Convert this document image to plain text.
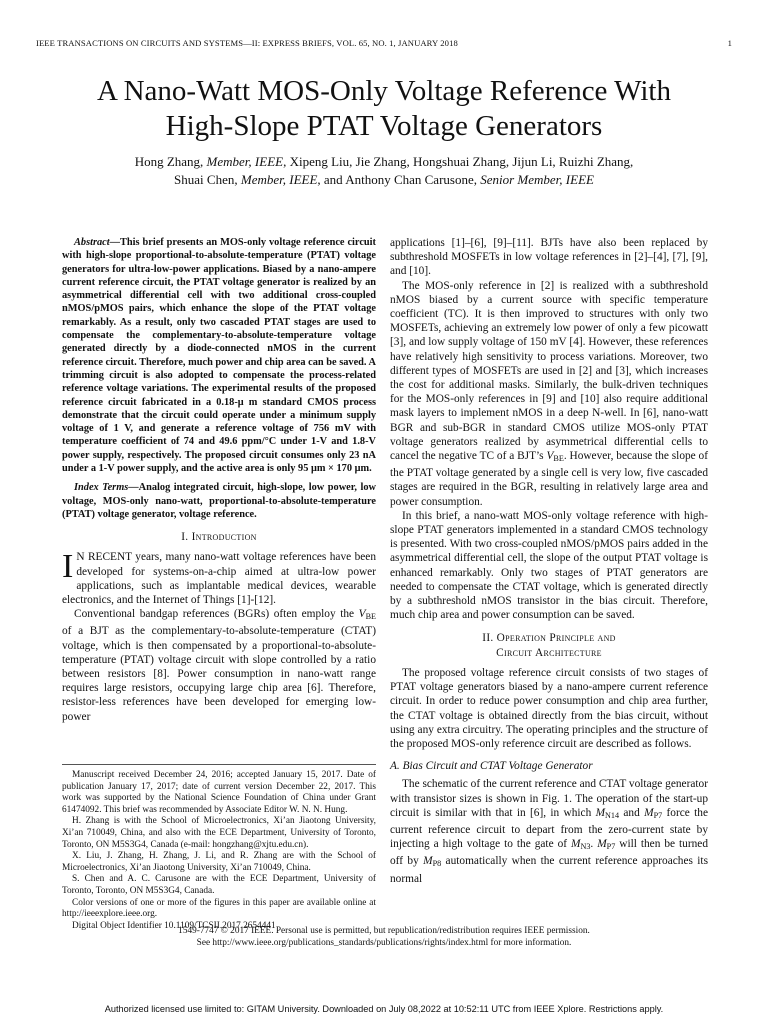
IEEE TRANSACTIONS ON CIRCUITS AND SYSTEMS—II: EXPRESS BRIEFS, VOL. 65, NO. 1, JANUARY 2018	1
A Nano-Watt MOS-Only Voltage Reference With
High-Slope PTAT Voltage Generators
Hong Zhang, Member, IEEE, Xipeng Liu, Jie Zhang, Hongshuai Zhang, Jijun Li, Ruizhi Zhang,
Shuai Chen, Member, IEEE, and Anthony Chan Carusone, Senior Member, IEEE

Abstract—This brief presents an MOS-only voltage reference circuit with high-slope proportional-to-absolute-temperature (PTAT) voltage generators for ultra-low-power applications. Biased by a nano-ampere current reference circuit, the PTAT voltage generator is realized by an asymmetrical differential cell with two additional cross-coupled nMOS/pMOS pairs, which enhance the slope of the PTAT voltage remarkably. As a result, only two cascaded PTAT stages are used to compensate the complementary-to-absolute-temperature voltage generated directly by a diode-connected nMOS in the current reference circuit. Therefore, much power and chip area can be saved. A trimming circuit is also adopted to compensate the process-related reference voltage variations. The experimental results of the proposed reference circuit fabricated in a 0.18-μ m standard CMOS process demonstrate that the circuit could operate under a minimum supply voltage of 1 V, and generate a reference voltage of 756 mV with temperature coefficient of 74 and 49.6 ppm/°C under 1-V and 1.8-V power supply, respectively. The proposed circuit consumes only 23 nA under a 1-V power supply, and the active area is only 95 μm × 170 μm.

Index Terms—Analog integrated circuit, high-slope, low power, low voltage, MOS-only nano-watt, proportional-to-absolute-temperature (PTAT) voltage generator, voltage reference.

I. Introduction

I N RECENT years, many nano-watt voltage references have been developed for systems-on-a-chip aimed at ultra-low power applications, such as implantable medical devices, wearable electronics, and the Internet of Things [1]-[12].

Conventional bandgap references (BGRs) often employ the $V_{BE}$ of a BJT as the complementary-to-absolute-temperature (CTAT) voltage, which is then compensated by a proportional-to-absolute-temperature (PTAT) voltage circuit with slope controlled by a ratio between resistors [8]. Power consumption in nano-watt range requires large resistors, occupying large chip area [6]. Therefore, resistor-less references have been developed for emerging low-power

Manuscript received December 24, 2016; accepted January 15, 2017. Date of publication January 17, 2017; date of current version December 22, 2017. This work was supported by the National Science Foundation of China under Grant 61474092. This brief was recommended by Associate Editor W. N. N. Hung.

H. Zhang is with the School of Microelectronics, Xi’an Jiaotong University, Xi’an 710049, China, and also with the ECE Department, University of Toronto, Toronto, ON M5S3G4, Canada (e-mail: hongzhang@xjtu.edu.cn).

X. Liu, J. Zhang, H. Zhang, J. Li, and R. Zhang are with the School of Microelectronics, Xi’an Jiaotong University, Xi’an 710049, China.

S. Chen and A. C. Carusone are with the ECE Department, University of Toronto, Toronto, ON M5S3G4, Canada.

Color versions of one or more of the figures in this paper are available online at http://ieeexplore.ieee.org.

Digital Object Identifier 10.1109/TCSII.2017.2654441

applications [1]–[6], [9]–[11]. BJTs have also been replaced by subthreshold MOSFETs in low voltage references in [2]–[4], [7], [9], and [10].

The MOS-only reference in [2] is realized with a subthreshold nMOS biased by a current source with specific temperature coefficient (TC). It is then improved to structures with only two MOSFETs, achieving an extremely low power of only a few picowatt [3], and low supply voltage of 150 mV [4]. However, these references have relatively high sensitivity to process variations. Moreover, two different types of MOSFETs are used in [2] and [3], which increases the cost for additional masks. Similarly, the bulk-driven techniques for the MOS-only references in [9] and [10] also require additional mask layers to implement nMOS in a deep N-well. In [6], nano-watt BGR and sub-BGR in standard CMOS utilize MOS-only PTAT voltage generators realized by asymmetrical differential cells to cancel the negative TC of a BJT’s $V_{BE}$. However, because the slope of the PTAT voltage generated by a single cell is very low, five cascaded stages are required in the BGR, resulting in relatively large area and power consumption.

In this brief, a nano-watt MOS-only voltage reference with high-slope PTAT generators implemented in a standard CMOS technology is presented. With two cross-coupled nMOS/pMOS pairs added in the asymmetrical differential cell, the slope of the output PTAT voltage is enhanced remarkably. Only two stages of PTAT generators are needed to compensate the CTAT voltage, which is generated directly by a subthreshold nMOS transistor in the bias circuit. Therefore, much chip area and power consumption can be saved.

II. Operation Principle and
Circuit Architecture

The proposed voltage reference circuit consists of two stages of PTAT voltage generators biased by a nano-ampere current reference circuit. In order to reduce power consumption and chip area further, the CTAT voltage is obtained directly from the bias circuit, without using any extra circuitry. The operating principles and the structure of the proposed MOS-only reference circuit are described as follows.

A. Bias Circuit and CTAT Voltage Generator

The schematic of the current reference and CTAT voltage generator with transistor sizes is shown in Fig. 1. The operation of the start-up circuit is similar with that in [6], in which $M_{N14}$ and $M_{P7}$ force the current reference circuit to depart from the zero-current state by injecting a high voltage to the gate of $M_{N3}$. $M_{P7}$ will then be turned off by $M_{P8}$ automatically when the current reference approaches its normal

1549-7747 © 2017 IEEE. Personal use is permitted, but republication/redistribution requires IEEE permission.
See http://www.ieee.org/publications_standards/publications/rights/index.html for more information.
Authorized licensed use limited to: GITAM University. Downloaded on July 08,2022 at 10:52:11 UTC from IEEE Xplore. Restrictions apply.
